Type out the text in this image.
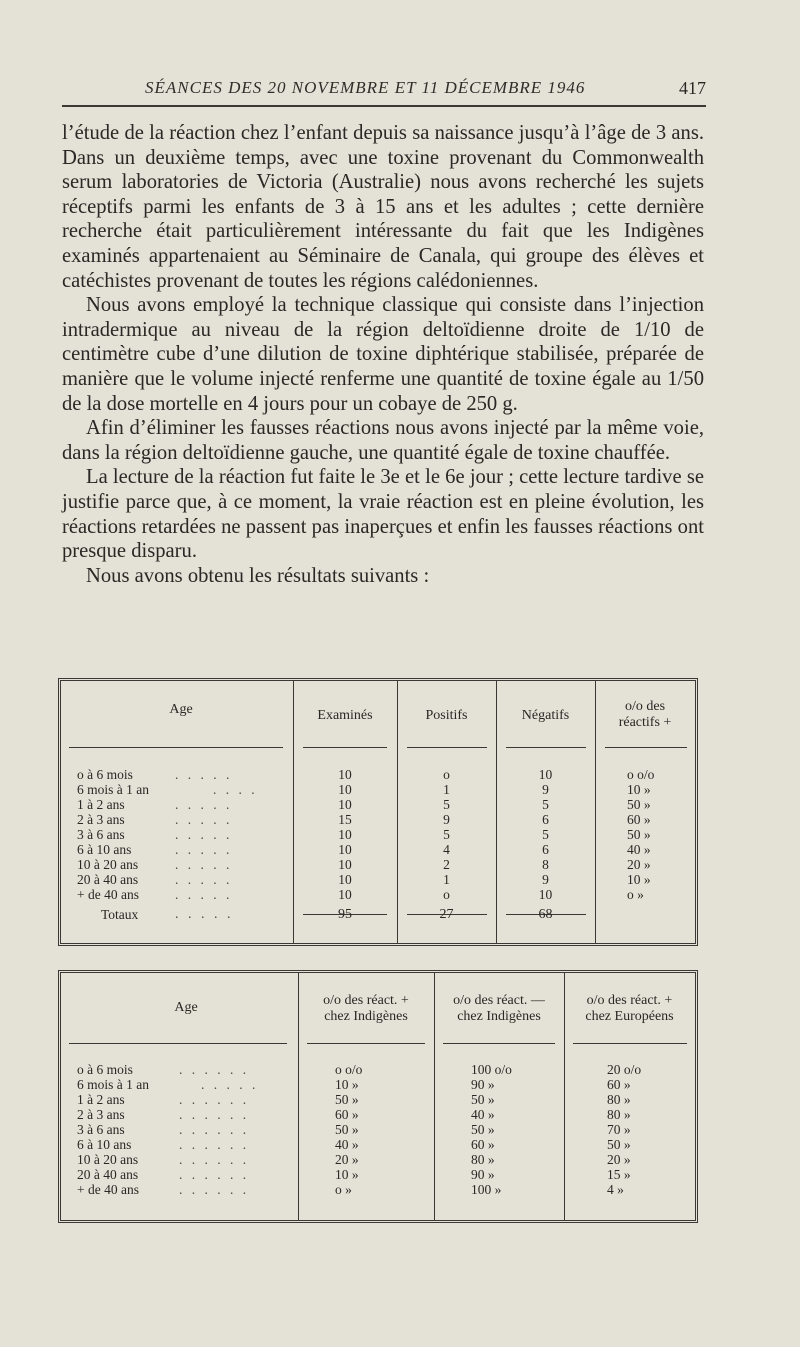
SÉANCES DES 20 NOVEMBRE ET 11 DÉCEMBRE 1946	417

l’étude de la réaction chez l’enfant depuis sa naissance jusqu’à l’âge de 3 ans. Dans un deuxième temps, avec une toxine provenant du Commonwealth serum laboratories de Victoria (Australie) nous avons recherché les sujets réceptifs parmi les enfants de 3 à 15 ans et les adultes ; cette dernière recherche était particulièrement intéressante du fait que les Indigènes examinés appartenaient au Séminaire de Canala, qui groupe des élèves et catéchistes provenant de toutes les régions calédoniennes.

Nous avons employé la technique classique qui consiste dans l’injection intradermique au niveau de la région deltoïdienne droite de 1/10 de centimètre cube d’une dilution de toxine diphtérique stabilisée, préparée de manière que le volume injecté renferme une quantité de toxine égale au 1/50 de la dose mortelle en 4 jours pour un cobaye de 250 g.

Afin d’éliminer les fausses réactions nous avons injecté par la même voie, dans la région deltoïdienne gauche, une quantité égale de toxine chauffée.

La lecture de la réaction fut faite le 3e et le 6e jour ; cette lecture tardive se justifie parce que, à ce moment, la vraie réaction est en pleine évolution, les réactions retardées ne passent pas inaperçues et enfin les fausses réactions ont presque disparu.

Nous avons obtenu les résultats suivants :

Age	Examinés	Positifs	Négatifs
o/o des
réactifs +
o à 6 mois	. . . . .	10	o	10	o o/o
6 mois à 1 an	. . . .	10	1	9	10 »
1 à 2 ans	. . . . .	10	5	5	50 »
2 à 3 ans	. . . . .	15	9	6	60 »
3 à 6 ans	. . . . .	10	5	5	50 »
6 à 10 ans	. . . . .	10	4	6	40 »
10 à 20 ans	. . . . .	10	2	8	20 »
20 à 40 ans	. . . . .	10	1	9	10 »
+ de 40 ans	. . . . .	10	o	10	o »
Totaux	. . . . .	95	27	68
Age	o/o des réact. +
chez Indigènes
o/o des réact. —
chez Indigènes
o/o des réact. +
chez Européens
o à 6 mois	. . . . . .	o o/o	100 o/o	20 o/o
6 mois à 1 an	. . . . .	10 »	90 »	60 »
1 à 2 ans	. . . . . .	50 »	50 »	80 »
2 à 3 ans	. . . . . .	60 »	40 »	80 »
3 à 6 ans	. . . . . .	50 »	50 »	70 »
6 à 10 ans	. . . . . .	40 »	60 »	50 »
10 à 20 ans	. . . . . .	20 »	80 »	20 »
20 à 40 ans	. . . . . .	10 »	90 »	15 »
+ de 40 ans	. . . . . .	o »	100 »	4 »
